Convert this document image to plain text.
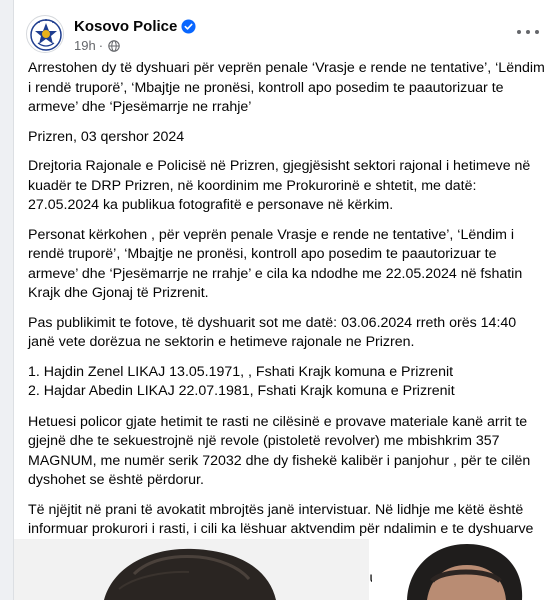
Kosovo Police
19h ·

Arrestohen dy të dyshuari për veprën penale ‘Vrasje e rende ne tentative’, ‘Lëndim i rendë truporë’, ‘Mbajtje ne pronësi, kontroll apo posedim te paautorizuar te armeve’ dhe ‘Pjesëmarrje ne rrahje’

Prizren, 03 qershor 2024

Drejtoria Rajonale e Policisë në Prizren, gjegjësisht sektori rajonal i hetimeve në kuadër te DRP Prizren, në koordinim me Prokurorinë e shtetit, me datë: 27.05.2024 ka publikua fotografitë e personave në kërkim.

Personat kërkohen , për veprën penale Vrasje e rende ne tentative’, ‘Lëndim i rendë truporë’, ‘Mbajtje ne pronësi, kontroll apo posedim te paautorizuar te armeve’ dhe ‘Pjesëmarrje ne rrahje’ e cila ka ndodhe me 22.05.2024 në fshatin Krajk dhe Gjonaj të Prizrenit.

Pas publikimit te fotove, të dyshuarit sot me datë: 03.06.2024 rreth orës 14:40 janë vete dorëzua ne sektorin e hetimeve rajonale ne Prizren.

1. Hajdin Zenel LIKAJ 13.05.1971, , Fshati Krajk komuna e Prizrenit

2. Hajdar Abedin LIKAJ 22.07.1981, Fshati Krajk komuna e Prizrenit

Hetuesi policor gjate hetimit te rasti ne cilësinë e provave materiale kanë arrit te gjejnë dhe te sekuestrojnë një revole (pistoletë revolver) me mbishkrim 357 MAGNUM, me numër serik 72032 dhe dy fishekë kalibër i panjohur , për te cilën dyshohet se është përdorur.

Të njëjtit në prani të avokatit mbrojtës janë intervistuar. Në lidhje me këtë është informuar prokurori i rasti, i cili ka lëshuar aktvendim për ndalimin e te dyshuarve
